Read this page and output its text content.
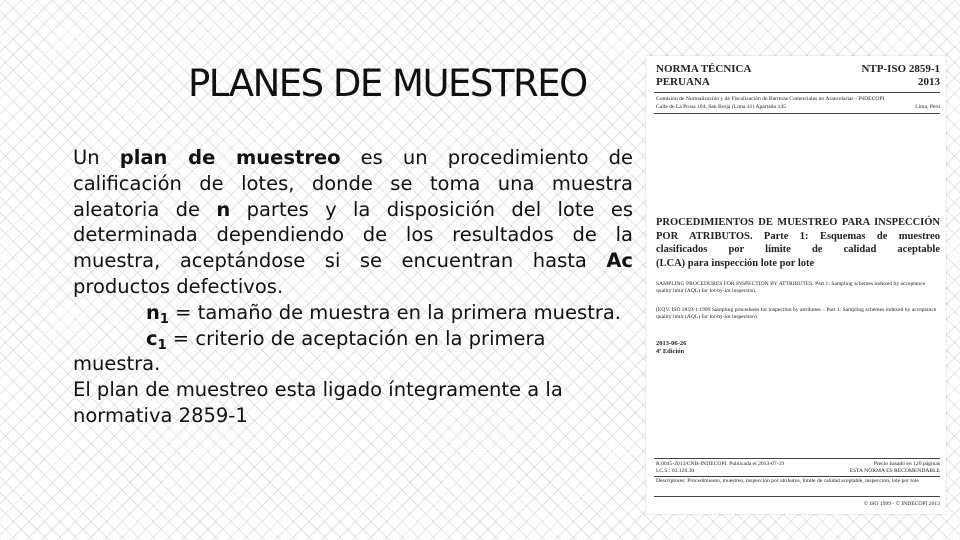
PLANES DE MUESTREO

Un plan de muestreo es un procedimiento de calificación de lotes, donde se toma una muestra aleatoria de n partes y la disposición del lote es determinada dependiendo de los resultados de la muestra, aceptándose si se encuentran hasta Ac productos defectivos.

$n_1$ = tamaño de muestra en la primera muestra.

$c_1$ = criterio de aceptación en la primera muestra.

El plan de muestreo esta ligado íntegramente a la normativa 2859-1

NORMA TÉCNICA	NTP-ISO 2859-1
PERUANA	2013
Comisión de Normalización y de Fiscalización de Barreras Comerciales no Arancelarias - INDECOPI
Calle de La Prosa 104, San Borja (Lima 41) Apartado 145	Lima, Perú
PROCEDIMIENTOS DE MUESTREO PARA INSPECCIÓN POR ATRIBUTOS. Parte 1: Esquemas de muestreo clasificados por límite de calidad aceptable
(LCA) para inspección lote por lote
SAMPLING PROCEDURES FOR INSPECTION BY ATTRIBUTES. Part 1: Sampling schemes indexed by acceptance quality limit (AQL) for lot-by-lot inspection.
(EQV. ISO 2859-1:1999 Sampling procedures for inspection by attributes – Part 1: Sampling schemes indexed by acceptance quality limit (AQL) for lot-by-lot inspection)
2013-06-26
4ª Edición
R.0045-2013/CNB-INDECOPI. Publicada el 2013-07-19	Precio basado en 120 páginas
I.C.S.: 03.120.30	ESTA NORMA ES RECOMENDABLE
Descriptores: Procedimiento, muestreo, inspección por atributos, límite de calidad aceptable, inspección, lote por lote
© ISO 1999 - © INDECOPI 2013
